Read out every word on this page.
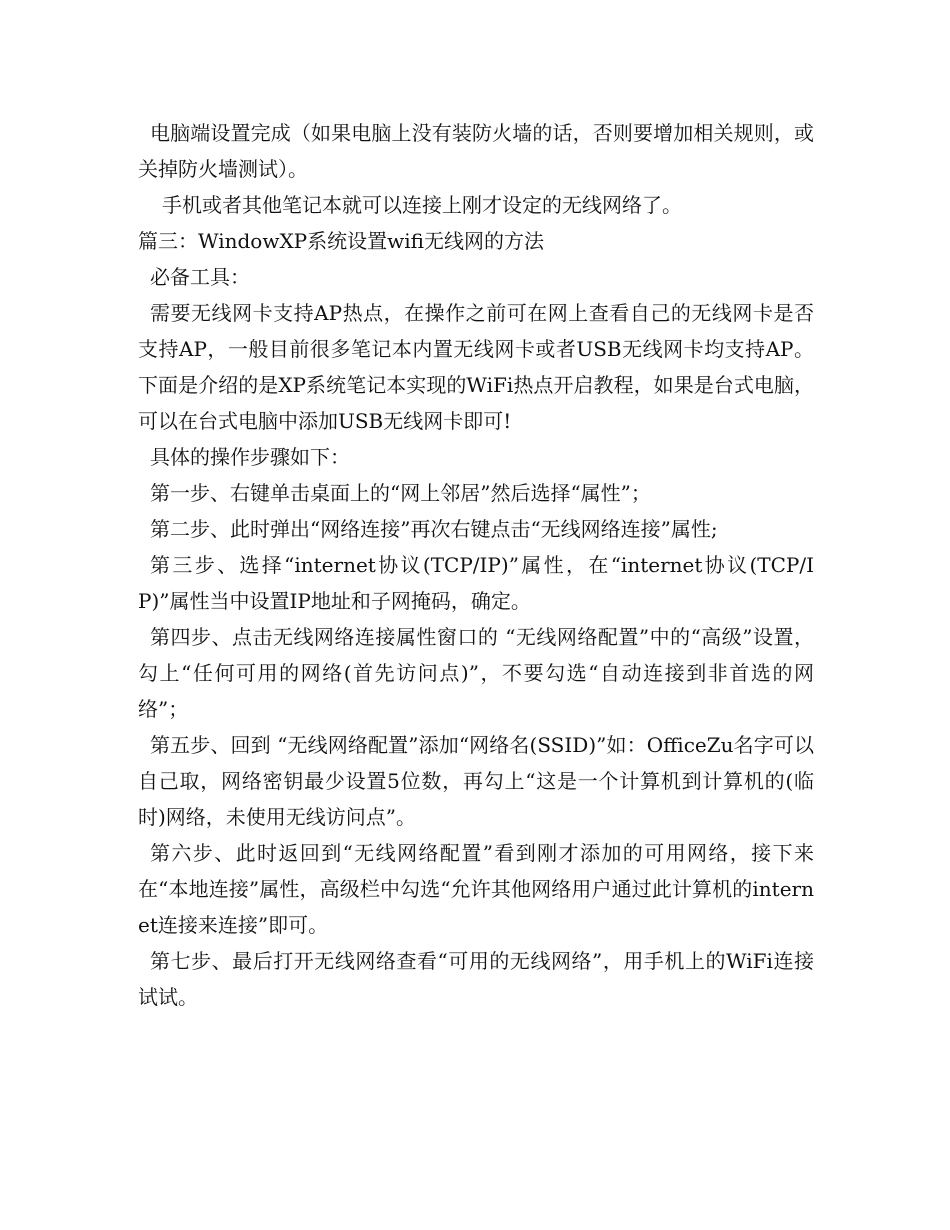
电脑端设置完成（如果电脑上没有装防火墙的话，否则要增加相关规则，或关掉防火墙测试）。

手机或者其他笔记本就可以连接上刚才设定的无线网络了。

篇三：WindowXP系统设置wifi无线网的方法

必备工具：

需要无线网卡支持AP热点，在操作之前可在网上查看自己的无线网卡是否支持AP，一般目前很多笔记本内置无线网卡或者USB无线网卡均支持AP。下面是介绍的是XP系统笔记本实现的WiFi热点开启教程，如果是台式电脑，可以在台式电脑中添加USB无线网卡即可!

具体的操作步骤如下：

第一步、右键单击桌面上的“网上邻居”然后选择“属性”；

第二步、此时弹出“网络连接”再次右键点击“无线网络连接”属性;

第三步、选择“internet协议(TCP/IP)”属性，在“internet协议(TCP/IP)”属性当中设置IP地址和子网掩码，确定。

第四步、点击无线网络连接属性窗口的 “无线网络配置”中的“高级”设置，勾上“任何可用的网络(首先访问点)”，不要勾选“自动连接到非首选的网络”；

第五步、回到 “无线网络配置”添加“网络名(SSID)”如：OfficeZu名字可以自己取，网络密钥最少设置5位数，再勾上“这是一个计算机到计算机的(临时)网络，未使用无线访问点”。

第六步、此时返回到“无线网络配置”看到刚才添加的可用网络，接下来在“本地连接”属性，高级栏中勾选“允许其他网络用户通过此计算机的internet连接来连接”即可。

第七步、最后打开无线网络查看“可用的无线网络”，用手机上的WiFi连接试试。
